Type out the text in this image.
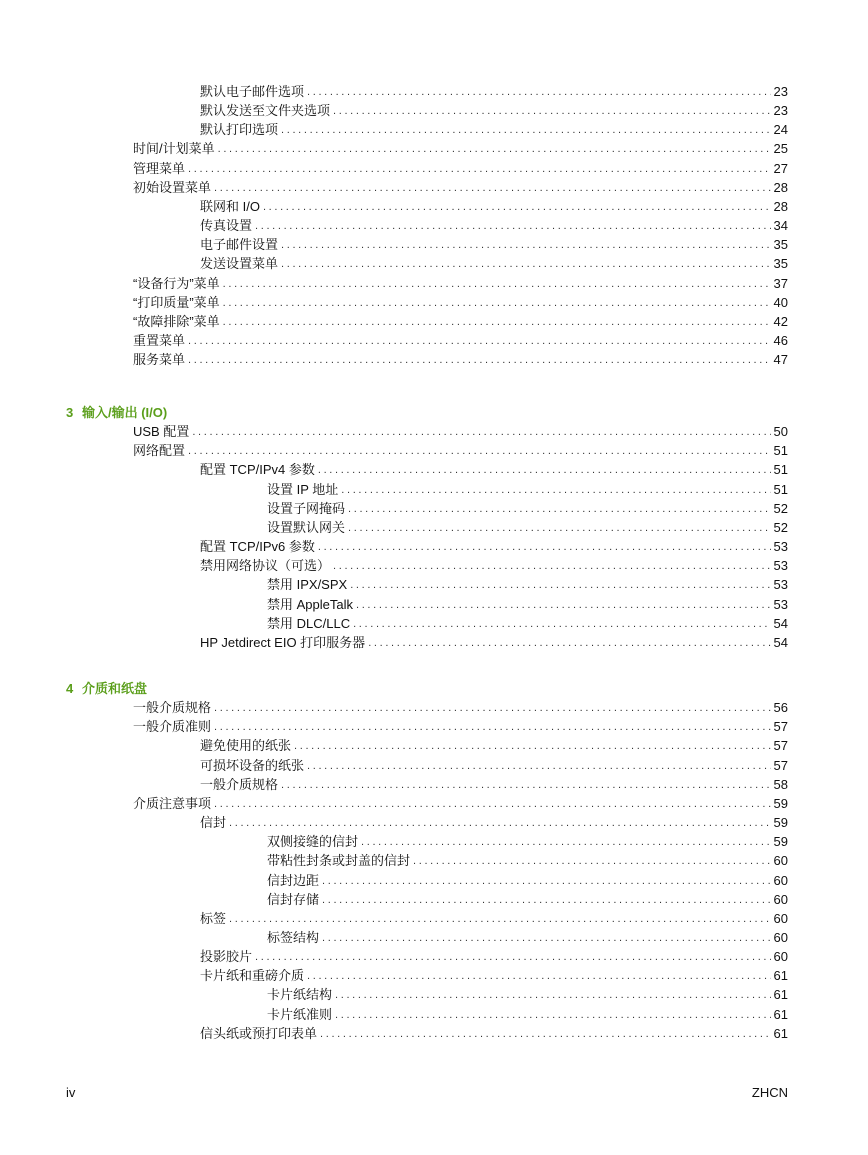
默认电子邮件选项 . . .	23
默认发送至文件夹选项 . . .	23
默认打印选项 . . .	24
时间/计划菜单 . . .	25
管理菜单 . . .	27
初始设置菜单 . . .	28
联网和 I/O . . .	28
传真设置 . . .	34
电子邮件设置 . . .	35
发送设置菜单 . . .	35
“设备行为”菜单 . . .	37
“打印质量”菜单 . . .	40
“故障排除”菜单 . . .	42
重置菜单 . . .	46
服务菜单 . . .	47
3 输入/输出 (I/O)
USB 配置 . . .	50
网络配置 . . .	51
配置 TCP/IPv4 参数 . . .	51
设置 IP 地址 . . .	51
设置子网掩码 . . .	52
设置默认网关 . . .	52
配置 TCP/IPv6 参数 . . .	53
禁用网络协议（可选） . . .	53
禁用 IPX/SPX . . .	53
禁用 AppleTalk . . .	53
禁用 DLC/LLC . . .	54
HP Jetdirect EIO 打印服务器 . . .	54
4 介质和纸盘
一般介质规格 . . .	56
一般介质准则 . . .	57
避免使用的纸张 . . .	57
可损坏设备的纸张 . . .	57
一般介质规格 . . .	58
介质注意事项 . . .	59
信封 . . .	59
双侧接缝的信封 . . .	59
带粘性封条或封盖的信封 . . .	60
信封边距 . . .	60
信封存储 . . .	60
标签 . . .	60
标签结构 . . .	60
投影胶片 . . .	60
卡片纸和重磅介质 . . .	61
卡片纸结构 . . .	61
卡片纸准则 . . .	61
信头纸或预打印表单 . . .	61
iv	ZHCN
